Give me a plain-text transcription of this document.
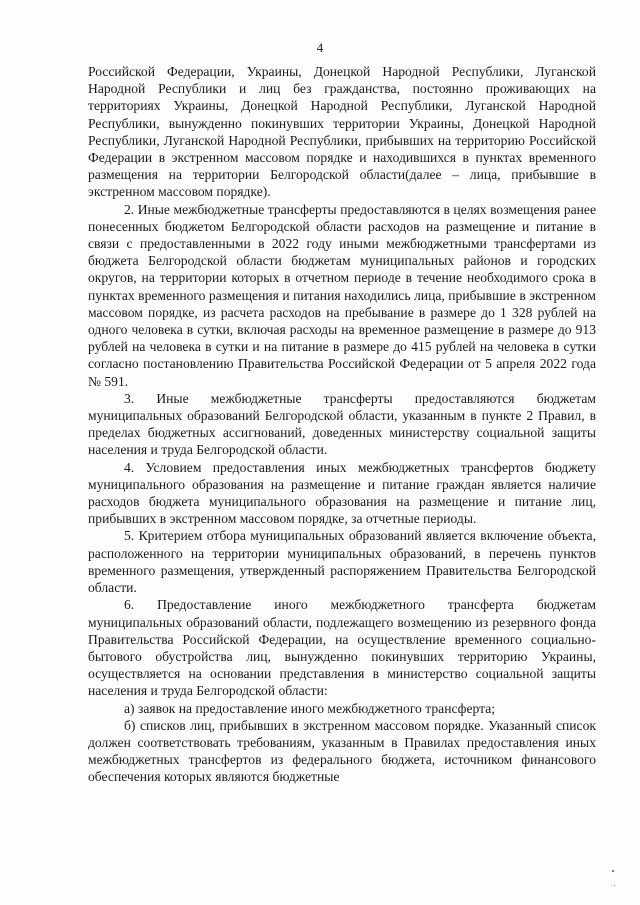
4

Российской Федерации, Украины, Донецкой Народной Республики, Луганской Народной Республики и лиц без гражданства, постоянно проживающих на территориях Украины, Донецкой Народной Республики, Луганской Народной Республики, вынужденно покинувших территории Украины, Донецкой Народной Республики, Луганской Народной Республики, прибывших на территорию Российской Федерации в экстренном массовом порядке и находившихся в пунктах временного размещения на территории Белгородской области(далее – лица, прибывшие в экстренном массовом порядке).

2. Иные межбюджетные трансферты предоставляются в целях возмещения ранее понесенных бюджетом Белгородской области расходов на размещение и питание в связи с предоставленными в 2022 году иными межбюджетными трансфертами из бюджета Белгородской области бюджетам муниципальных районов и городских округов, на территории которых в отчетном периоде в течение необходимого срока в пунктах временного размещения и питания находились лица, прибывшие в экстренном массовом порядке, из расчета расходов на пребывание в размере до 1 328 рублей на одного человека в сутки, включая расходы на временное размещение в размере до 913 рублей на человека в сутки и на питание в размере до 415 рублей на человека в сутки согласно постановлению Правительства Российской Федерации от 5 апреля 2022 года № 591.

3. Иные межбюджетные трансферты предоставляются бюджетам муниципальных образований Белгородской области, указанным в пункте 2 Правил, в пределах бюджетных ассигнований, доведенных министерству социальной защиты населения и труда Белгородской области.

4. Условием предоставления иных межбюджетных трансфертов бюджету муниципального образования на размещение и питание граждан является наличие расходов бюджета муниципального образования на размещение и питание лиц, прибывших в экстренном массовом порядке, за отчетные периоды.

5. Критерием отбора муниципальных образований является включение объекта, расположенного на территории муниципальных образований, в перечень пунктов временного размещения, утвержденный распоряжением Правительства Белгородской области.

6. Предоставление иного межбюджетного трансферта бюджетам муниципальных образований области, подлежащего возмещению из резервного фонда Правительства Российской Федерации, на осуществление временного социально-бытового обустройства лиц, вынужденно покинувших территорию Украины, осуществляется на основании представления в министерство социальной защиты населения и труда Белгородской области:

а) заявок на предоставление иного межбюджетного трансферта;

б) списков лиц, прибывших в экстренном массовом порядке. Указанный список должен соответствовать требованиям, указанным в Правилах предоставления иных межбюджетных трансфертов из федерального бюджета, источником финансового обеспечения которых являются бюджетные
